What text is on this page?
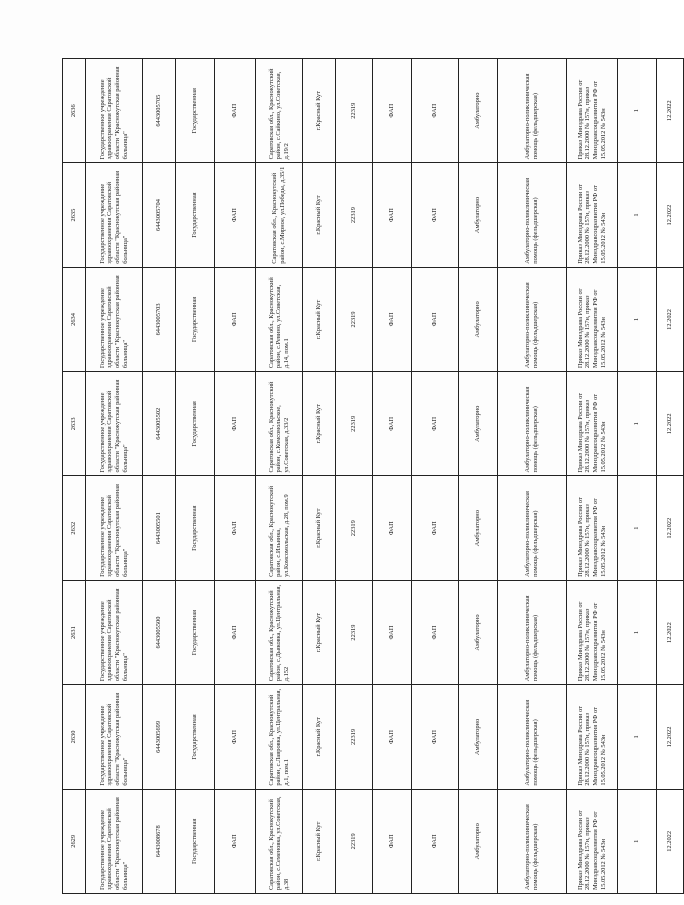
2629	2630	2631	2632	2633	2634	2635	2636
Государственное учреждение здравоохранения Саратовской области "Краснокутская районная больница"	Государственное учреждение здравоохранения Саратовской области "Краснокутская районная больница"	Государственное учреждение здравоохранения Саратовской области "Краснокутская районная больница"	Государственное учреждение здравоохранения Саратовской области "Краснокутская районная больница"	Государственное учреждение здравоохранения Саратовской области "Краснокутская районная больница"	Государственное учреждение здравоохранения Саратовской области "Краснокутская районная больница"	Государственное учреждение здравоохранения Саратовской области "Краснокутская районная больница"	Государственное учреждение здравоохранения Саратовской области "Краснокутская районная больница"
6443008678	6443005699	6443005500	6443005501	6443005502	6443005703	6443005704	6443005705
Государственная	Государственная	Государственная	Государственная	Государственная	Государственная	Государственная	Государственная
ФАП	ФАП	ФАП	ФАП	ФАП	ФАП	ФАП	ФАП
Саратовская обл., Краснокутский район, с.Семеновка, ул.Советская, д.38	Саратовская обл., Краснокутский район, с.Лавровка, ул.Центральная, д.1, пом.1	Саратовская обл., Краснокутский район, с.Дьяковка, ул.Центральная, д.152	Саратовская обл., Краснокутский район, с.Ильинка, ул.Комсомольская, д.28, пом.9	Саратовская обл., Краснокутский район, с.Комсомольское, ул.Советская, д.33/2	Саратовская обл., Краснокутский район, с.Ревино, ул.Советская, д.14, пом.1	Саратовская обл., Краснокутский район, с.Мирное, ул.Победы, д.35/1	Саратовская обл., Краснокутский район, с.Сайкино, ул.Советская, д.19/2
г.Красный Кут	г.Красный Кут	г.Красный Кут	г.Красный Кут	г.Красный Кут	г.Красный Кут	г.Красный Кут	г.Красный Кут
22319	22319	22319	22319	22319	22319	22319	22319
ФАП	ФАП	ФАП	ФАП	ФАП	ФАП	ФАП	ФАП
ФАП	ФАП	ФАП	ФАП	ФАП	ФАП	ФАП	ФАП
Амбулаторно	Амбулаторно	Амбулаторно	Амбулаторно	Амбулаторно	Амбулаторно	Амбулаторно	Амбулаторно
Амбулаторно-поликлиническая помощь (фельдшерская)	Амбулаторно-поликлиническая помощь (фельдшерская)	Амбулаторно-поликлиническая помощь (фельдшерская)	Амбулаторно-поликлиническая помощь (фельдшерская)	Амбулаторно-поликлиническая помощь (фельдшерская)	Амбулаторно-поликлиническая помощь (фельдшерская)	Амбулаторно-поликлиническая помощь (фельдшерская)	Амбулаторно-поликлиническая помощь (фельдшерская)
Приказ Минздрава России от 28.12.2000 № 157н, приказ Минздравсоцразвития РФ от 15.05.2012 № 543н	Приказ Минздрава России от 28.12.2000 № 157н, приказ Минздравсоцразвития РФ от 15.05.2012 № 543н	Приказ Минздрава России от 28.12.2000 № 157н, приказ Минздравсоцразвития РФ от 15.05.2012 № 543н	Приказ Минздрава России от 28.12.2000 № 157н, приказ Минздравсоцразвития РФ от 15.05.2012 № 543н	Приказ Минздрава России от 28.12.2000 № 157н, приказ Минздравсоцразвития РФ от 15.05.2012 № 543н	Приказ Минздрава России от 28.12.2000 № 157н, приказ Минздравсоцразвития РФ от 15.05.2012 № 543н	Приказ Минздрава России от 28.12.2000 № 157н, приказ Минздравсоцразвития РФ от 15.05.2012 № 543н	Приказ Минздрава России от 28.12.2000 № 157н, приказ Минздравсоцразвития РФ от 15.05.2012 № 543н
1	1	1	1	1	1	1	1
12.2022	12.2022	12.2022	12.2022	12.2022	12.2022	12.2022	12.2022
